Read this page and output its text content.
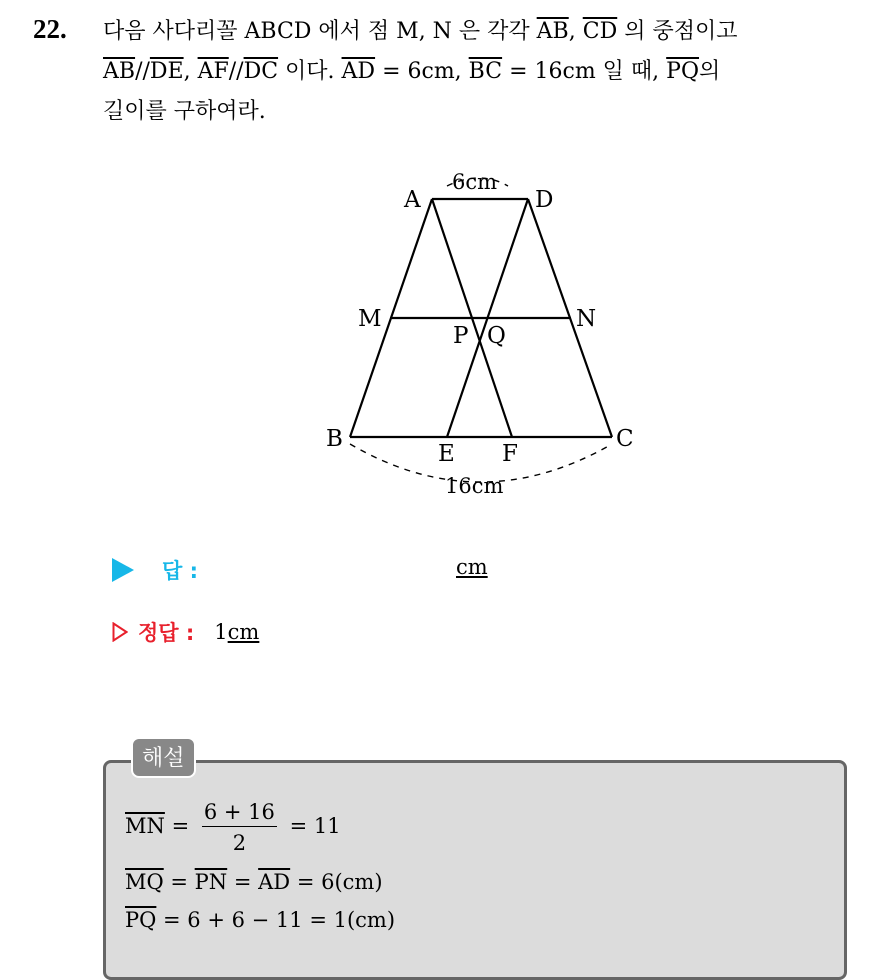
22. 다음 사다리꼴 ABCD 에서 점 M, N 은 각각 $\overline{AB}$, $\overline{CD}$ 의 중점이고
$\overline{AB}//\overline{DE}$, $\overline{AF}//\overline{DC}$ 이다. $\overline{AD} = 6cm$, $\overline{BC} = 16cm$ 일 때, $\overline{PQ}$의
길이를 구하여라.
A	D
M	N
P Q
B
E F
C
6cm
16cm
답 :	cm
정답 : 1cm
해설
$\overline{MN} = \frac{6 + 16}{2} = 11$
$\overline{MQ} = \overline{PN} = \overline{AD} = 6(cm)$
$\overline{PQ} = 6 + 6 - 11 = 1(cm)$
